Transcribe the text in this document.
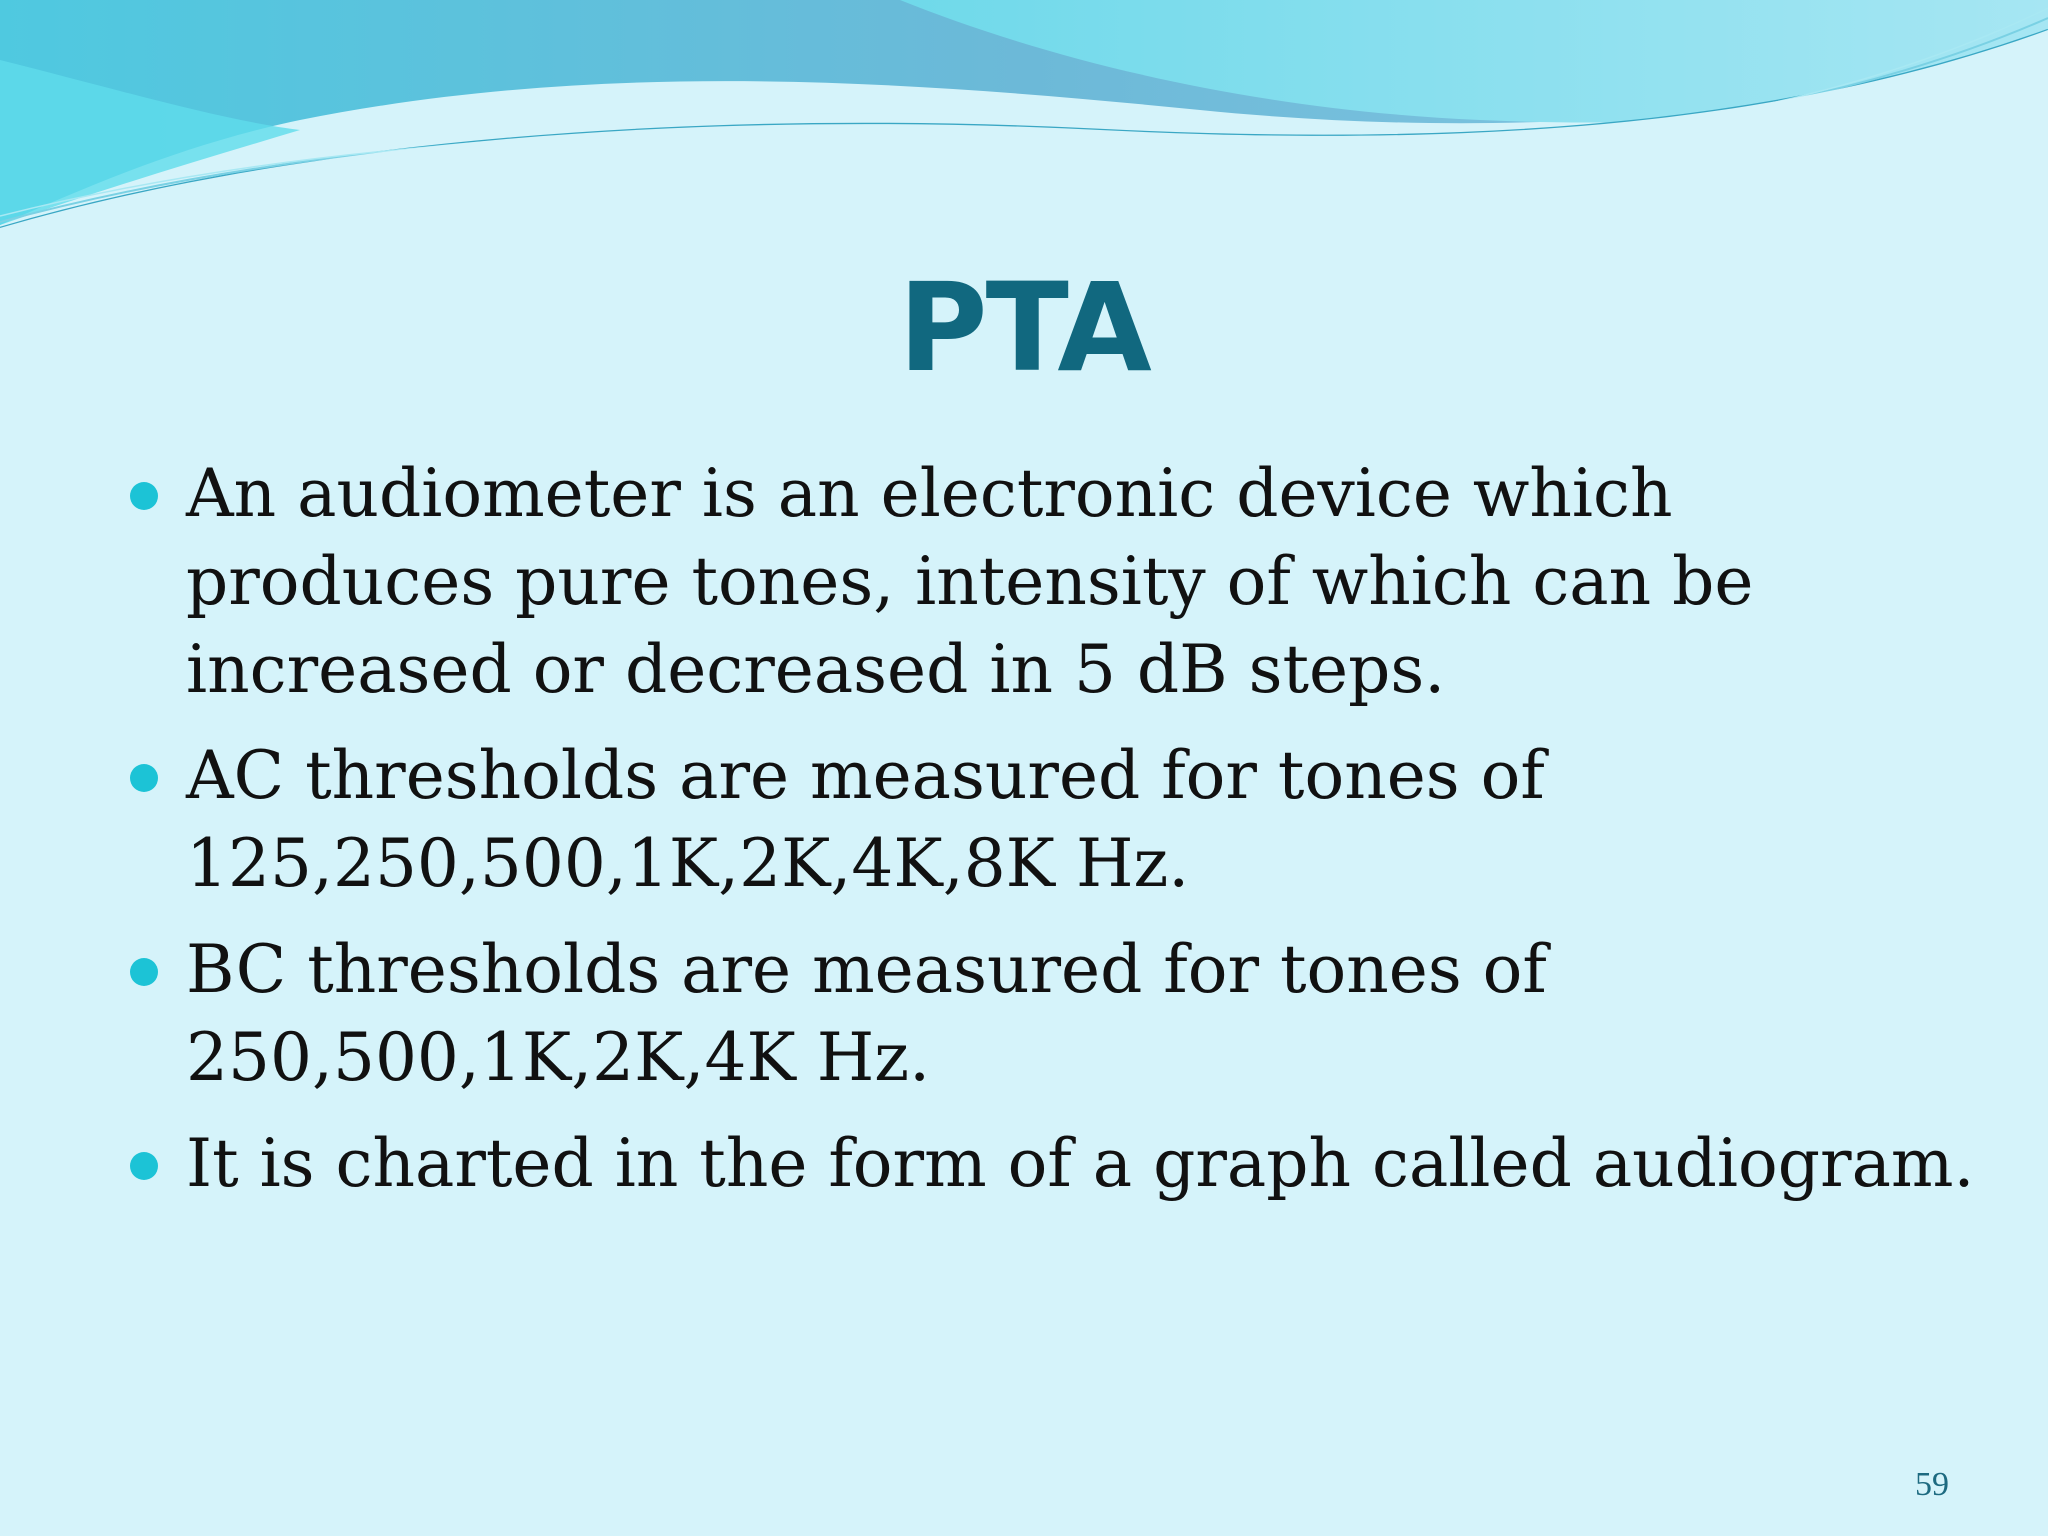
PTA
An audiometer is an electronic device which produces pure tones, intensity of which can be increased or decreased in 5 dB steps.
AC thresholds are measured for tones of 125,250,500,1K,2K,4K,8K Hz.
BC thresholds are measured for tones of 250,500,1K,2K,4K Hz.
It is charted in the form of a graph called audiogram.
59
